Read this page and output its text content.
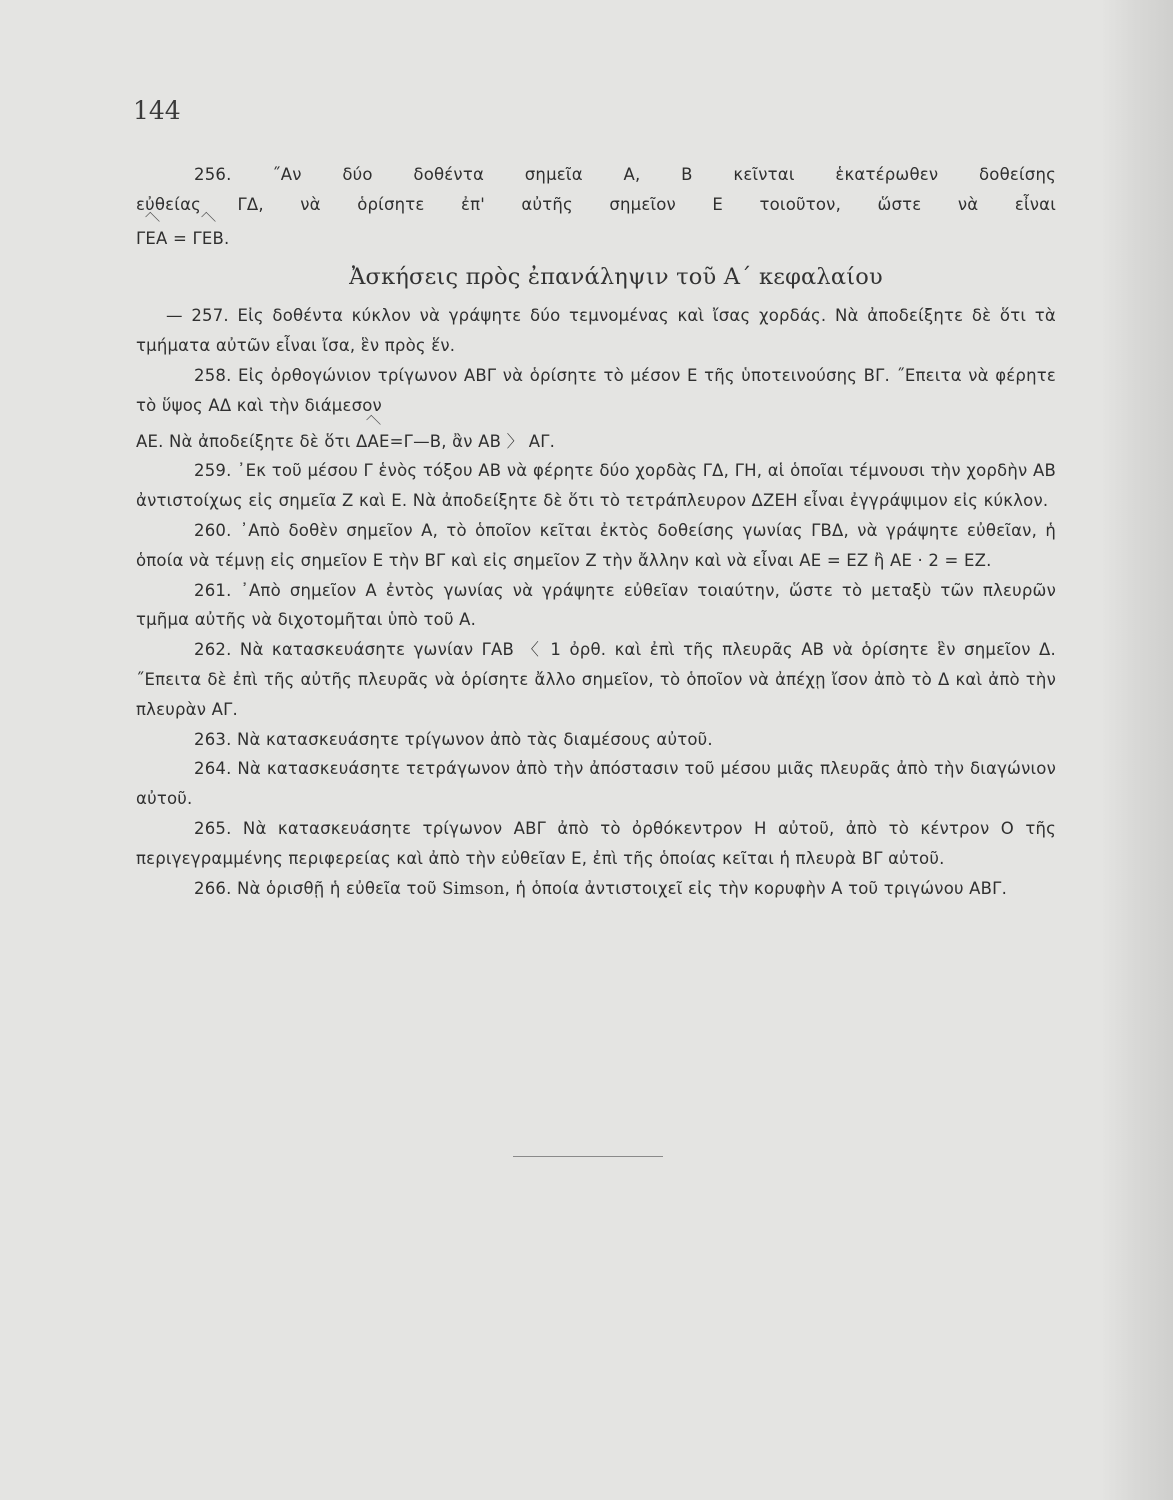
144

256. ˝Αν δύο δοθέντα σημεῖα Α, Β κεῖνται ἑκατέρωθεν δοθείσης

εὐθείας ΓΔ, νὰ ὁρίσητε ἐπ' αὐτῆς σημεῖον Ε τοιοῦτον, ὥστε νὰ εἶναι

ΓΕΑ = ΓΕΒ.

Ἀσκήσεις πρὸς ἐπανάληψιν τοῦ Α΄ κεφαλαίου

— 257. Εἰς δοθέντα κύκλον νὰ γράψητε δύο τεμνομένας καὶ ἴσας χορδάς. Νὰ ἀποδείξητε δὲ ὅτι τὰ τμήματα αὐτῶν εἶναι ἴσα, ἓν πρὸς ἕν.

258. Εἰς ὀρθογώνιον τρίγωνον ΑΒΓ νὰ ὁρίσητε τὸ μέσον Ε τῆς ὑποτεινούσης ΒΓ. ˝Επειτα νὰ φέρητε τὸ ὕψος ΑΔ καὶ τὴν διάμεσον

ΑΕ. Νὰ ἀποδείξητε δὲ ὅτι ΔΑΕ=Γ—Β, ἂν ΑΒ 〉 ΑΓ.

259. ᾿Εκ τοῦ μέσου Γ ἑνὸς τόξου ΑΒ νὰ φέρητε δύο χορδὰς ΓΔ, ΓΗ, αἱ ὁποῖαι τέμνουσι τὴν χορδὴν ΑΒ ἀντιστοίχως εἰς σημεῖα Ζ καὶ Ε. Νὰ ἀποδείξητε δὲ ὅτι τὸ τετράπλευρον ΔΖΕΗ εἶναι ἐγγράψιμον εἰς κύκλον.

260. ᾿Απὸ δοθὲν σημεῖον Α, τὸ ὁποῖον κεῖται ἐκτὸς δοθείσης γωνίας ΓΒΔ, νὰ γράψητε εὐθεῖαν, ἡ ὁποία νὰ τέμνῃ εἰς σημεῖον Ε τὴν ΒΓ καὶ εἰς σημεῖον Ζ τὴν ἄλλην καὶ νὰ εἶναι ΑΕ = ΕΖ ἢ ΑΕ · 2 = ΕΖ.

261. ᾿Απὸ σημεῖον Α ἐντὸς γωνίας νὰ γράψητε εὐθεῖαν τοιαύτην, ὥστε τὸ μεταξὺ τῶν πλευρῶν τμῆμα αὐτῆς νὰ διχοτομῆται ὑπὸ τοῦ Α.

262. Νὰ κατασκευάσητε γωνίαν ΓΑΒ 〈 1 ὀρθ. καὶ ἐπὶ τῆς πλευρᾶς ΑΒ νὰ ὁρίσητε ἓν σημεῖον Δ. ˝Επειτα δὲ ἐπὶ τῆς αὐτῆς πλευρᾶς νὰ ὁρίσητε ἄλλο σημεῖον, τὸ ὁποῖον νὰ ἀπέχῃ ἴσον ἀπὸ τὸ Δ καὶ ἀπὸ τὴν πλευρὰν ΑΓ.

263. Νὰ κατασκευάσητε τρίγωνον ἀπὸ τὰς διαμέσους αὐτοῦ.

264. Νὰ κατασκευάσητε τετράγωνον ἀπὸ τὴν ἀπόστασιν τοῦ μέσου μιᾶς πλευρᾶς ἀπὸ τὴν διαγώνιον αὐτοῦ.

265. Νὰ κατασκευάσητε τρίγωνον ΑΒΓ ἀπὸ τὸ ὀρθόκεντρον Η αὐτοῦ, ἀπὸ τὸ κέντρον Ο τῆς περιγεγραμμένης περιφερείας καὶ ἀπὸ τὴν εὐθεῖαν Ε, ἐπὶ τῆς ὁποίας κεῖται ἡ πλευρὰ ΒΓ αὐτοῦ.

266. Νὰ ὁρισθῇ ἡ εὐθεῖα τοῦ Simson, ἡ ὁποία ἀντιστοιχεῖ εἰς τὴν κορυφὴν Α τοῦ τριγώνου ΑΒΓ.
